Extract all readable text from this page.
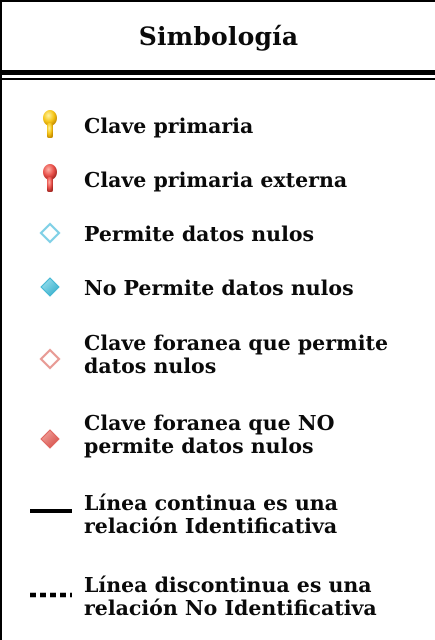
Simbología
Clave primaria
Clave primaria externa
Permite datos nulos
No Permite datos nulos
Clave foranea que permite datos nulos
Clave foranea que NO permite datos nulos
Línea continua es una relación Identificativa
Línea discontinua es una relación No Identificativa
